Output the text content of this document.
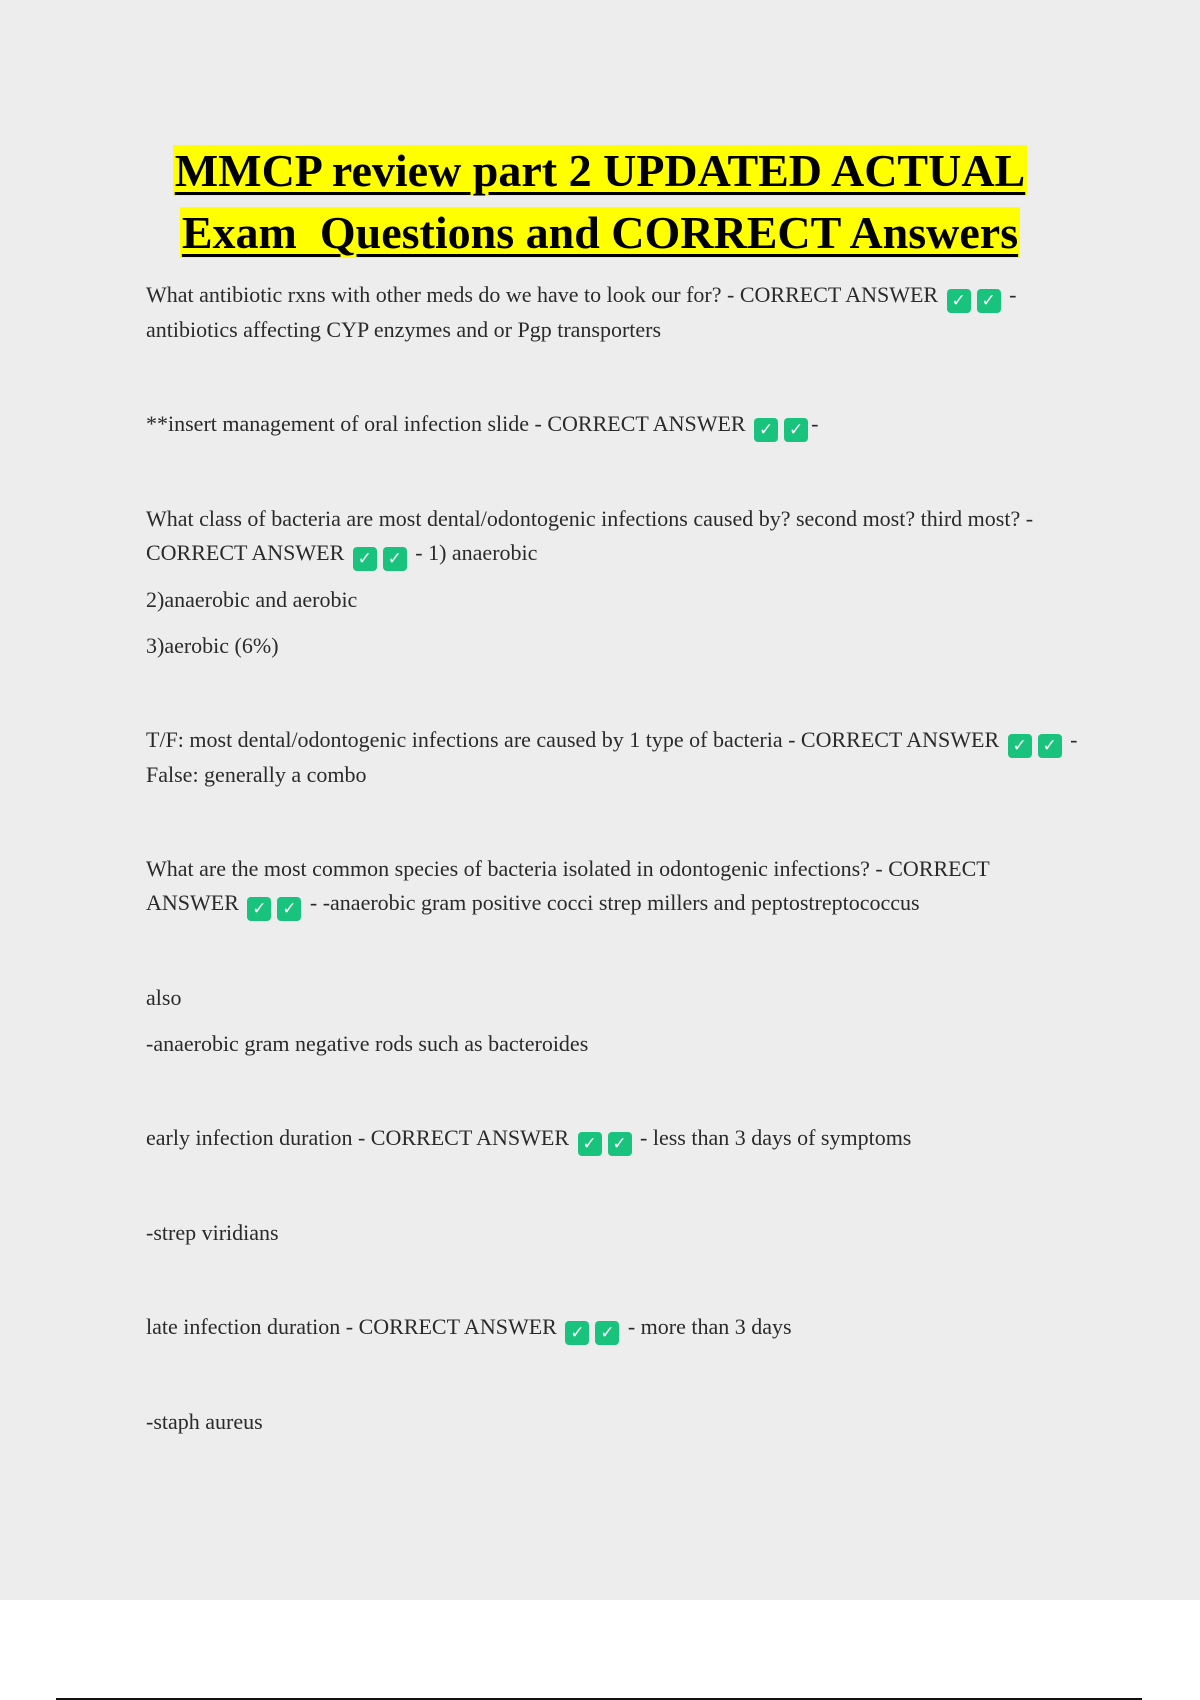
MMCP review part 2 UPDATED ACTUAL
Exam  Questions and CORRECT Answers

What antibiotic rxns with other meds do we have to look our for? - CORRECT ANSWER ✓ ✓ - antibiotics affecting CYP enzymes and or Pgp transporters

**insert management of oral infection slide - CORRECT ANSWER ✓ ✓ -

What class of bacteria are most dental/odontogenic infections caused by? second most? third most? - CORRECT ANSWER ✓ ✓ - 1) anaerobic

2)anaerobic and aerobic

3)aerobic (6%)

T/F: most dental/odontogenic infections are caused by 1 type of bacteria - CORRECT ANSWER ✓ ✓ - False: generally a combo

What are the most common species of bacteria isolated in odontogenic infections? - CORRECT ANSWER ✓ ✓ - -anaerobic gram positive cocci strep millers and peptostreptococcus

also

-anaerobic gram negative rods such as bacteroides

early infection duration - CORRECT ANSWER ✓ ✓ - less than 3 days of symptoms

-strep viridians

late infection duration - CORRECT ANSWER ✓ ✓ - more than 3 days

-staph aureus
